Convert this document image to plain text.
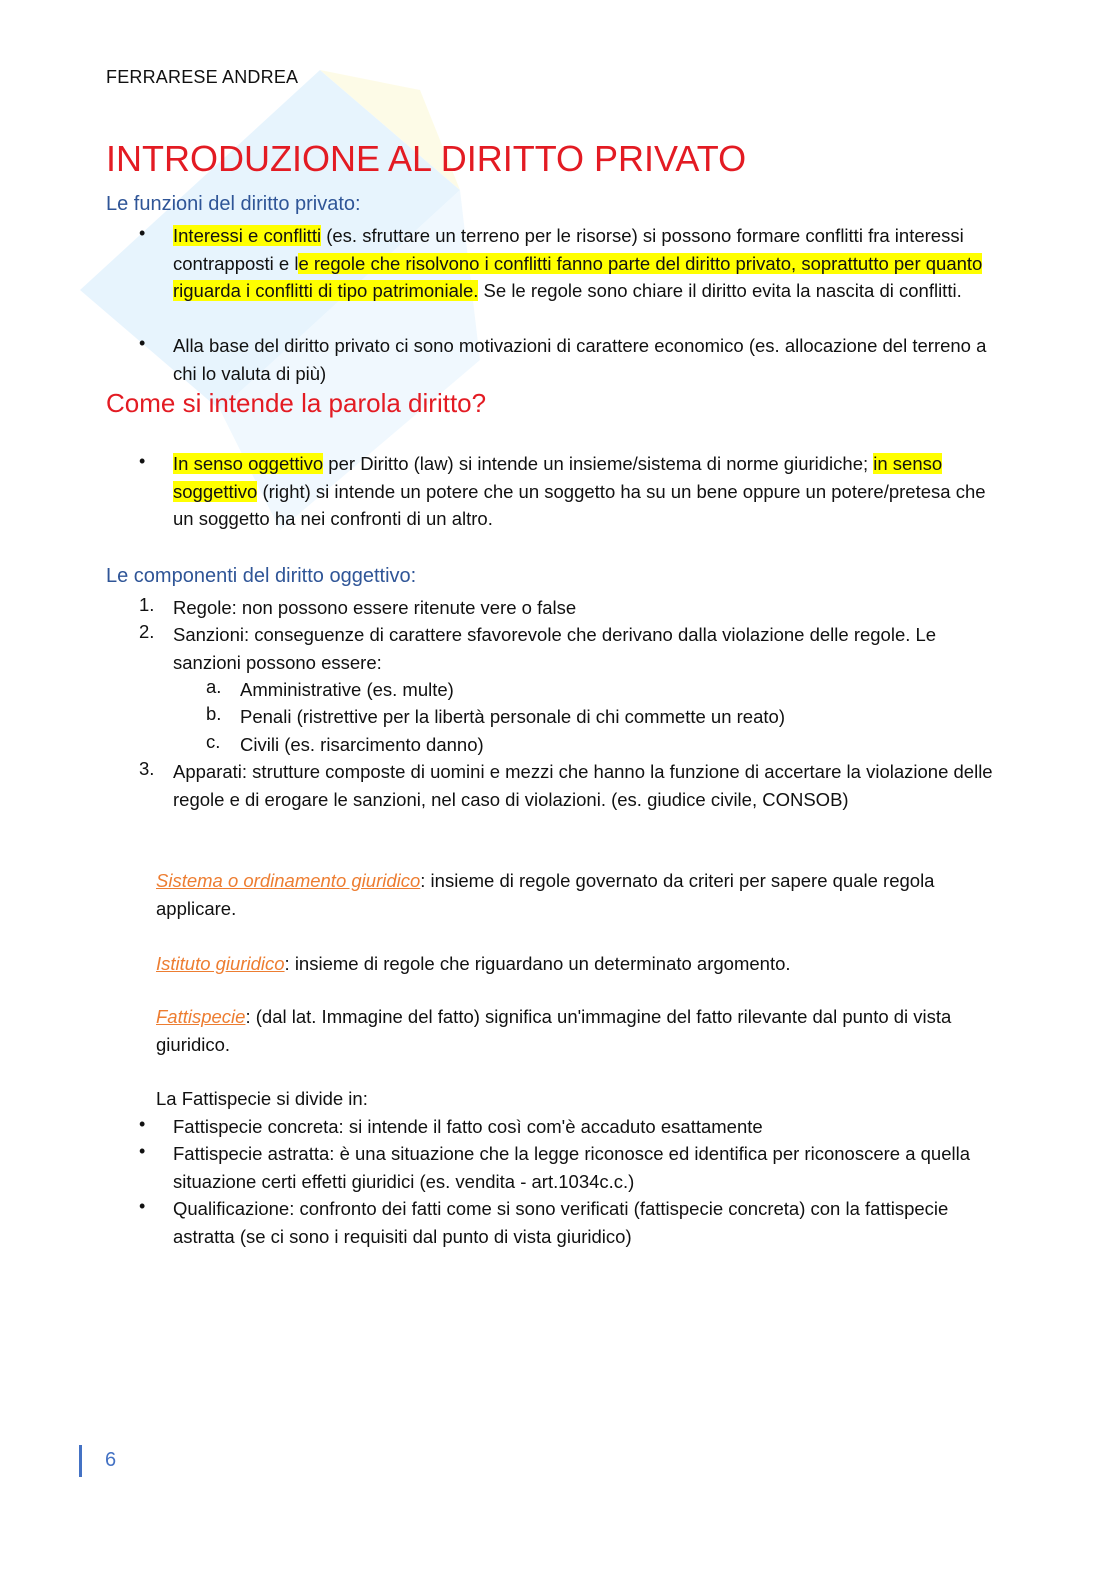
FERRARESE ANDREA
INTRODUZIONE AL DIRITTO PRIVATO
Le funzioni del diritto privato:
• Interessi e conflitti (es. sfruttare un terreno per le risorse) si possono formare conflitti fra interessi contrapposti e le regole che risolvono i conflitti fanno parte del diritto privato, soprattutto per quanto riguarda i conflitti di tipo patrimoniale. Se le regole sono chiare il diritto evita la nascita di conflitti.
• Alla base del diritto privato ci sono motivazioni di carattere economico (es. allocazione del terreno a chi lo valuta di più)
Come si intende la parola diritto?
• In senso oggettivo per Diritto (law) si intende un insieme/sistema di norme giuridiche; in senso soggettivo (right) si intende un potere che un soggetto ha su un bene oppure un potere/pretesa che un soggetto ha nei confronti di un altro.
Le componenti del diritto oggettivo:
1. Regole: non possono essere ritenute vere o false
2. Sanzioni: conseguenze di carattere sfavorevole che derivano dalla violazione delle regole. Le sanzioni possono essere:
a. Amministrative (es. multe)
b. Penali (ristrettive per la libertà personale di chi commette un reato)
c. Civili (es. risarcimento danno)
3. Apparati: strutture composte di uomini e mezzi che hanno la funzione di accertare la violazione delle regole e di erogare le sanzioni, nel caso di violazioni. (es. giudice civile, CONSOB)
Sistema o ordinamento giuridico: insieme di regole governato da criteri per sapere quale regola applicare.
Istituto giuridico: insieme di regole che riguardano un determinato argomento.
Fattispecie: (dal lat. Immagine del fatto) significa un'immagine del fatto rilevante dal punto di vista giuridico.
La Fattispecie si divide in:
• Fattispecie concreta: si intende il fatto così com'è accaduto esattamente
• Fattispecie astratta: è una situazione che la legge riconosce ed identifica per riconoscere a quella situazione certi effetti giuridici (es. vendita - art.1034c.c.)
• Qualificazione: confronto dei fatti come si sono verificati (fattispecie concreta) con la fattispecie astratta (se ci sono i requisiti dal punto di vista giuridico)
6
